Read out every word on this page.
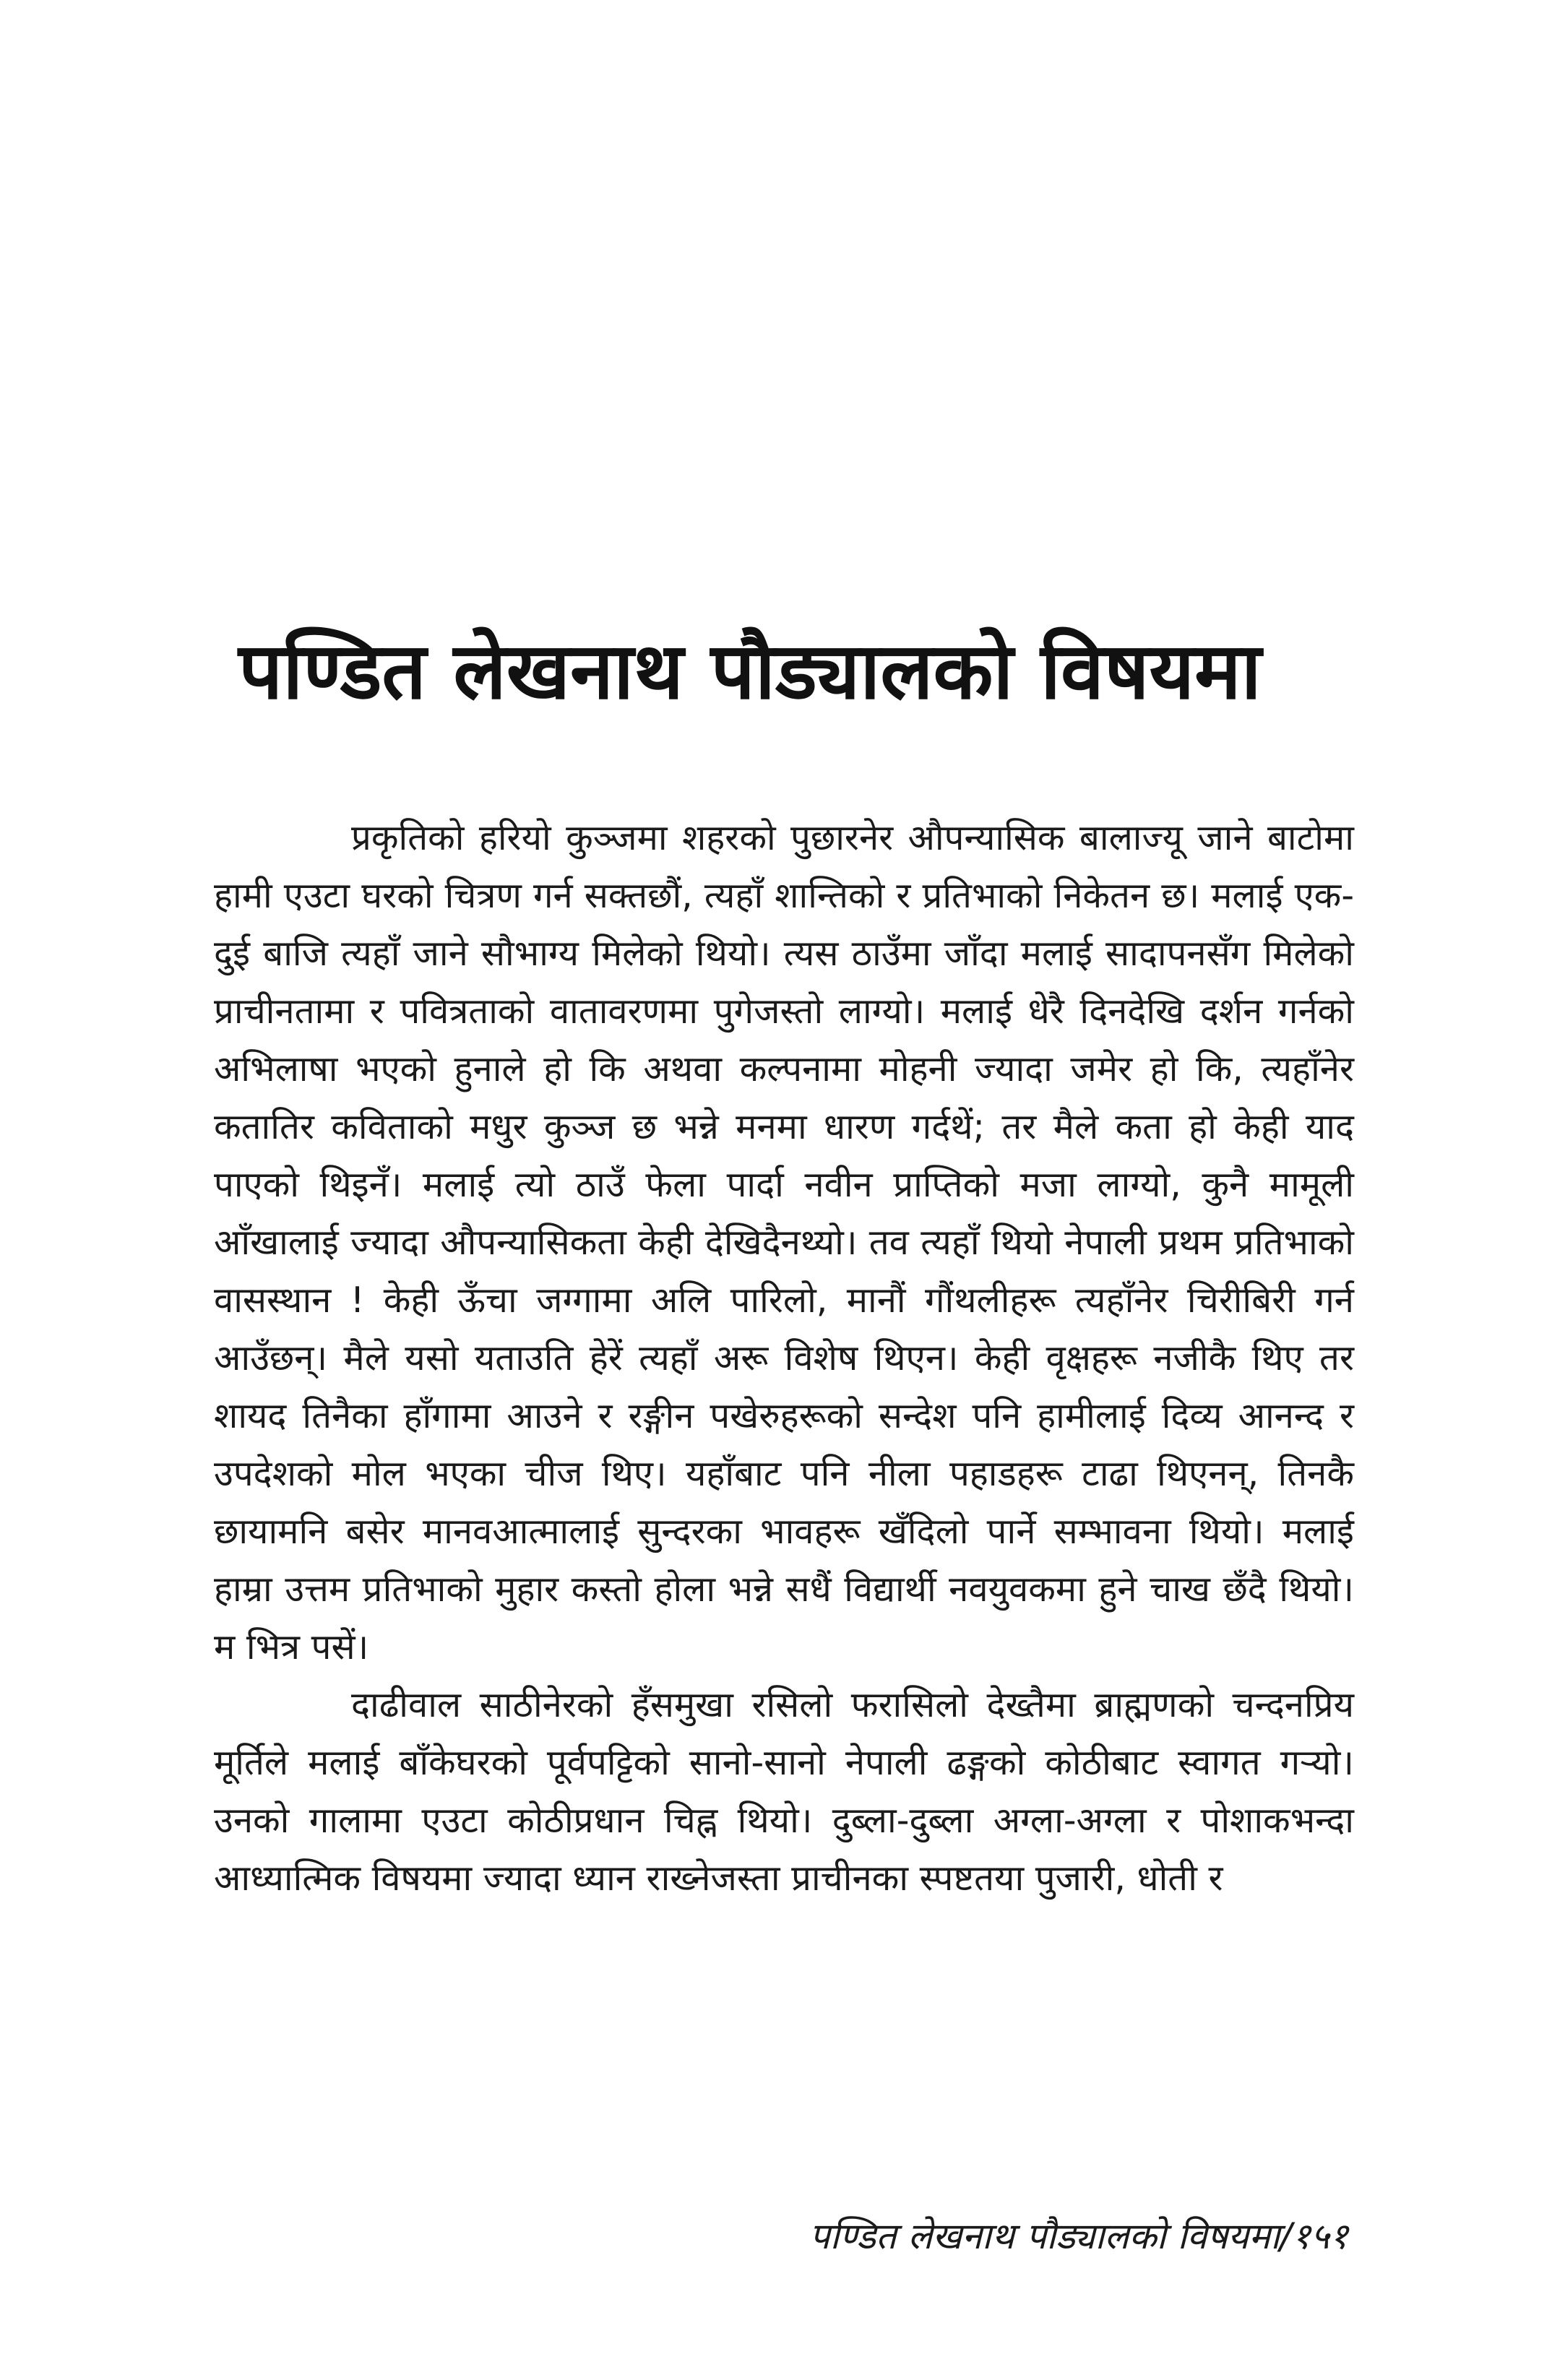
पण्डित लेखनाथ पौड्यालको विषयमा

प्रकृतिको हरियो कुञ्जमा शहरको पुछारनेर औपन्यासिक बालाज्यू जाने बाटोमा हामी एउटा घरको चित्रण गर्न सक्तछौं, त्यहाँ शान्तिको र प्रतिभाको निकेतन छ। मलाई एक-दुई बाजि त्यहाँ जाने सौभाग्य मिलेको थियो। त्यस ठाउँमा जाँदा मलाई सादापनसँग मिलेको प्राचीनतामा र पवित्रताको वातावरणमा पुगेजस्तो लाग्यो। मलाई धेरै दिनदेखि दर्शन गर्नको अभिलाषा भएको हुनाले हो कि अथवा कल्पनामा मोहनी ज्यादा जमेर हो कि, त्यहाँनेर कतातिर कविताको मधुर कुञ्ज छ भन्ने मनमा धारण गर्दथें; तर मैले कता हो केही याद पाएको थिइनँ। मलाई त्यो ठाउँ फेला पार्दा नवीन प्राप्तिको मजा लाग्यो, कुनै मामूली आँखालाई ज्यादा औपन्यासिकता केही देखिदैनथ्यो। तव त्यहाँ थियो नेपाली प्रथम प्रतिभाको वासस्थान ! केही ऊँचा जग्गामा अलि पारिलो, मानौं गौंथलीहरू त्यहाँनेर चिरीबिरी गर्न आउँछन्। मैले यसो यताउति हेरें त्यहाँ अरू विशेष थिएन। केही वृक्षहरू नजीकै थिए तर शायद तिनैका हाँगामा आउने र रङ्गीन पखेरुहरूको सन्देश पनि हामीलाई दिव्य आनन्द र उपदेशको मोल भएका चीज थिए। यहाँबाट पनि नीला पहाडहरू टाढा थिएनन्, तिनकै छायामनि बसेर मानवआत्मालाई सुन्दरका भावहरू खँदिलो पार्ने सम्भावना थियो। मलाई हाम्रा उत्तम प्रतिभाको मुहार कस्तो होला भन्ने सधैं विद्यार्थी नवयुवकमा हुने चाख छँदै थियो। म भित्र पसें।

दाढीवाल साठीनेरको हँसमुखा रसिलो फरासिलो देख्तैमा ब्राह्मणको चन्दनप्रिय मूर्तिले मलाई बाँकेघरको पूर्वपट्टिको सानो-सानो नेपाली ढङ्गको कोठीबाट स्वागत गर्‍यो। उनको गालामा एउटा कोठीप्रधान चिह्न थियो। दुब्ला-दुब्ला अग्ला-अग्ला र पोशाकभन्दा आध्यात्मिक विषयमा ज्यादा ध्यान राख्नेजस्ता प्राचीनका स्पष्टतया पुजारी, धोती र

पण्डित लेखनाथ पौड्यालको विषयमा/१५१
